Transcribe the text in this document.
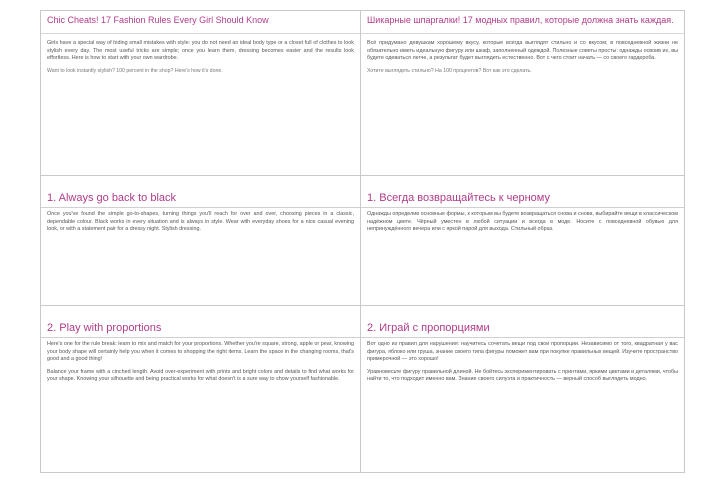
Chic Cheats! 17 Fashion Rules Every Girl Should Know

Girls have a special way of hiding small mistakes with style: you do not need an ideal body type or a closet full of clothes to look stylish every day. The most useful tricks are simple; once you learn them, dressing becomes easier and the results look effortless. Here is how to start with your own wardrobe.

Want to look instantly stylish? 100 percent in the shop? Here's how it's done.

Шикарные шпаргалки! 17 модных правил, которые должна знать каждая.

Всё придумано девушкам хорошему вкусу, которые всегда выглядят стильно и со вкусом; в повседневной жизни не обязательно иметь идеальную фигуру или шкаф, заполненный одеждой. Полезные советы просты: однажды освоив их, вы будете одеваться легче, а результат будет выглядеть естественно. Вот с чего стоит начать — со своего гардероба.

Хотите выглядеть стильно? На 100 процентов? Вот как это сделать.

1. Always go back to black

Once you've found the simple go-to-shapes, turning things you'll reach for over and over, choosing pieces in a classic, dependable colour. Black works in every situation and is always in style. Wear with everyday shoes for a nice casual evening look, or with a statement pair for a dressy night. Stylish dressing.

1. Всегда возвращайтесь к черному

Однажды определив основные формы, к которым вы будете возвращаться снова и снова, выбирайте вещи в классическом надёжном цвете. Чёрный уместен в любой ситуации и всегда в моде. Носите с повседневной обувью для непринуждённого вечера или с яркой парой для выхода. Стильный образ.

2. Play with proportions

Here's one for the rule break: learn to mix and match for your proportions. Whether you're square, strong, apple or pear, knowing your body shape will certainly help you when it comes to shopping the right items. Learn the space in the changing rooms, that's good and a good thing!

Balance your frame with a cinched length. Avoid over-experiment with prints and bright colors and details to find what works for your shape. Knowing your silhouette and being practical works for what doesn't is a sure way to show yourself fashionable.

2. Играй с пропорциями

Вот одно из правил для нарушения: научитесь сочетать вещи под свои пропорции. Независимо от того, квадратная у вас фигура, яблоко или груша, знание своего типа фигуры поможет вам при покупке правильных вещей. Изучите пространство примерочной — это хорошо!

Уравновесьте фигуру правильной длиной. Не бойтесь экспериментировать с принтами, яркими цветами и деталями, чтобы найти то, что подходит именно вам. Знание своего силуэта и практичность — верный способ выглядеть модно.
